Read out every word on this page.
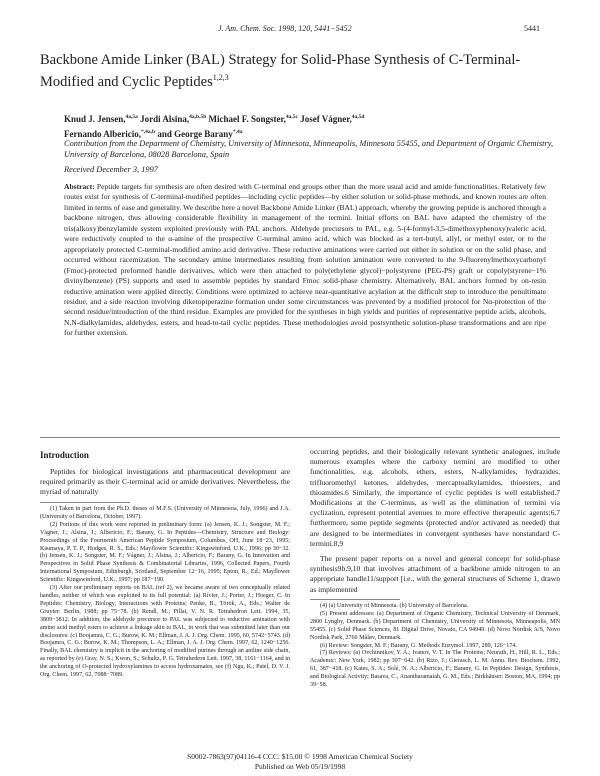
J. Am. Chem. Soc. 1998, 120, 5441−5452	5441
Backbone Amide Linker (BAL) Strategy for Solid-Phase Synthesis of C-Terminal-Modified and Cyclic Peptides$^{1,2,3}$
Knud J. Jensen,$^{4a,5a}$ Jordi Alsina,$^{4a,b,5b}$ Michael F. Songster,$^{4a,5c}$ Josef Vágner,$^{4a,5d}$
Fernando Albericio,$^{*,4a,b}$ and George Barany$^{*,4a}$
Contribution from the Department of Chemistry, University of Minnesota, Minneapolis, Minnesota 55455, and Department of Organic Chemistry, University of Barcelona, 08028 Barcelona, Spain
Received December 3, 1997
Abstract: Peptide targets for synthesis are often desired with C-terminal end groups other than the more usual acid and amide functionalities. Relatively few routes exist for synthesis of C-terminal-modified peptides—including cyclic peptides—by either solution or solid-phase methods, and known routes are often limited in terms of ease and generality. We describe here a novel Backbone Amide Linker (BAL) approach, whereby the growing peptide is anchored through a backbone nitrogen, thus allowing considerable flexibility in management of the termini. Initial efforts on BAL have adapted the chemistry of the tris(alkoxy)benzylamide system exploited previously with PAL anchors. Aldehyde precursors to PAL, e.g. 5-(4-formyl-3,5-dimethoxyphenoxy)valeric acid, were reductively coupled to the α-amine of the prospective C-terminal amino acid, which was blocked as a tert-butyl, allyl, or methyl ester, or to the appropriately protected C-terminal-modified amino acid derivative. These reductive aminations were carried out either in solution or on the solid phase, and occurred without racemization. The secondary amine intermediates resulting from solution amination were converted to the 9-fluorenylmethoxycarbonyl (Fmoc)-protected preformed handle derivatives, which were then attached to poly(ethylene glycol)−polystyrene (PEG-PS) graft or copoly(styrene−1% divinylbenzene) (PS) supports and used to assemble peptides by standard Fmoc solid-phase chemistry. Alternatively, BAL anchors formed by on-resin reductive amination were applied directly. Conditions were optimized to achieve near-quantitative acylation at the difficult step to introduce the penultimate residue, and a side reaction involving diketopiperazine formation under some circumstances was prevented by a modified protocol for Nα-protection of the second residue/introduction of the third residue. Examples are provided for the syntheses in high yields and purities of representative peptide acids, alcohols, N,N-dialkylamides, aldehydes, esters, and head-to-tail cyclic peptides. These methodologies avoid postsynthetic solution-phase transformations and are ripe for further extension.
Introduction

Peptides for biological investigations and pharmaceutical development are required primarily as their C-terminal acid or amide derivatives. Nevertheless, the myriad of naturally

(1) Taken in part from the Ph.D. theses of M.F.S. (University of Minnesota, July, 1996) and J.A. (University of Barcelona, October, 1997).

(2) Portions of this work were reported in preliminary form: (a) Jensen, K. J.; Songster, M. F.; Vágner, J.; Alsina, J.; Albericio, F.; Barany, G. In Peptides—Chemistry, Structure and Biology: Proceedings of the Fourteenth American Peptide Symposium, Columbus, OH, June 18−23, 1995; Kaumaya, P. T. P., Hodges, R. S., Eds.; Mayflower Scientific: Kingswinford, U.K., 1996; pp 30−32. (b) Jensen, K. J.; Songster, M. F.; Vágner, J.; Alsina, J.; Albericio, F.; Barany, G. In Innovation and Perspectives in Solid Phase Synthesis & Combinatorial Libraries, 1996, Collected Papers, Fourth International Symposium, Edinburgh, Scotland, September 12−16, 1995; Epton, R., Ed.; Mayflower Scientific: Kingswinford, U.K., 1997; pp 187−190.

(3) After our preliminary reports on BAL (ref 2), we became aware of two conceptually related handles, neither of which was exploited to its full potential: (a) Rívier, J.; Porter, J.; Hoeger, C. In Peptides: Chemistry, Biology, Interactions with Proteins; Penke, B., Török, A., Eds.; Walter de Gruyter: Berlin, 1988; pp 75−78. (b) Rendl, M.; Pillai, V. N. R. Tetrahedron Lett. 1994, 35, 3809−3812. In addition, the aldehyde precursor to PAL was subjected to reductive amination with amino acid methyl esters to achieve a linkage akin to BAL, in work that was submitted later than our disclosures: (c) Boojamra, C. G.; Burow, K. M.; Ellman, J. A. J. Org. Chem. 1995, 60, 5742−5743. (d) Boojamra, C. G.; Burow, K. M.; Thompson, L. A.; Ellman, J. A. J. Org. Chem. 1997, 62, 1240−1256. Finally, BAL chemistry is implicit in the anchoring of modified purines through an aniline side chain, as reported by (e) Gray, N. S.; Kwon, S.; Schultz, P. G. Tetrahedron Lett. 1997, 38, 1161−1164, and in the anchoring of O-protected hydroxylamines to access hydroxamates, see (f) Ngu, K.; Patel, D. V. J. Org. Chem. 1997, 62, 7088−7089.

occurring peptides, and their biologically relevant synthetic analogues, include numerous examples where the carboxy termini are modified to other functionalities, e.g. alcohols, ethers, esters, N-alkylamides, hydrazides, trifluoromethyl ketones, aldehydes, mercaptoalkylamides, thioesters, and thioamides.6 Similarly, the importance of cyclic peptides is well established.7 Modifications at the C-terminus, as well as the elimination of termini via cyclization, represent potential avenues to more effective therapeutic agents;6,7 furthermore, some peptide segments (protected and/or activated as needed) that are designed to be intermediates in convergent syntheses have nonstandard C-termini.8,9

The present paper reports on a novel and general concept for solid-phase synthesis9b,9,10 that involves attachment of a backbone amide nitrogen to an appropriate handle11/support [i.e., with the general structures of Scheme 1, drawn as implemented

(4) (a) University of Minnesota. (b) University of Barcelona.

(5) Present addresses: (a) Department of Organic Chemistry, Technical University of Denmark, 2800 Lyngby, Denmark. (b) Department of Chemistry, University of Minnesota, Minneapolis, MN 55455. (c) Solid Phase Sciences, 81 Digital Drive, Novato, CA 94949. (d) Novo Nordisk A/S, Novo Nordisk Park, 2760 Måløv, Denmark.

(6) Review: Songster, M. F.; Barany, G. Methods Enzymol. 1997, 289, 126−174.

(7) Reviews: (a) Ovchinnikov, Y. A.; Ivanov, V. T. In The Proteins; Neurath, H., Hill, R. L., Eds.; Academic: New York, 1982; pp 307−642. (b) Rizo, J.; Gierasch, L. M. Annu. Rev. Biochem. 1992, 61, 387−418. (c) Kates, S. A.; Solé, N. A.; Albericio, F.; Barany, G. In Peptides: Design, Synthesis, and Biological Activity; Basava, C., Anantharamaiah, G. M., Eds.; Birkhäuser: Boston, MA, 1994; pp 39−58.

S0002-7863(97)04116-4 CCC: $15.00 © 1998 American Chemical Society
Published on Web 05/19/1998
